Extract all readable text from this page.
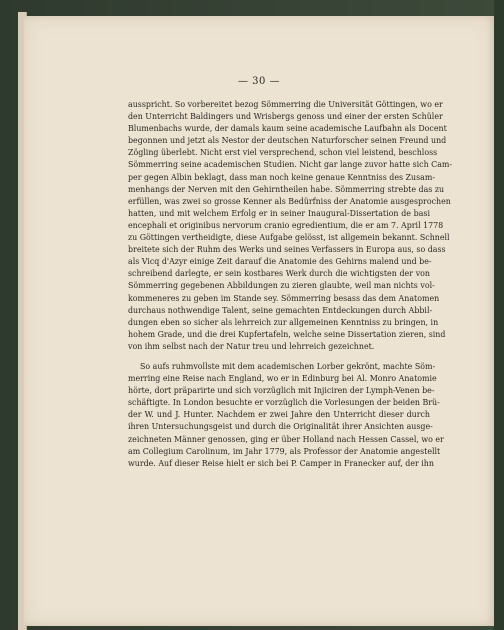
— 30 —
ausspricht. So vorbereitet bezog Sömmerring die Universität Göttingen, wo er
den Unterricht Baldingers und Wrisbergs genoss und einer der ersten Schüler
Blumenbachs wurde, der damals kaum seine academische Laufbahn als Docent
begonnen und jetzt als Nestor der deutschen Naturforscher seinen Freund und
Zögling überlebt. Nicht erst viel versprechend, schon viel leistend, beschloss
Sömmerring seine academischen Studien. Nicht gar lange zuvor hatte sich Cam-
per gegen Albin beklagt, dass man noch keine genaue Kenntniss des Zusam-
menhangs der Nerven mit den Gehirntheilen habe. Sömmerring strebte das zu
erfüllen, was zwei so grosse Kenner als Bedürfniss der Anatomie ausgesprochen
hatten, und mit welchem Erfolg er in seiner Inaugural-Dissertation de basi
encephali et originibus nervorum cranio egredientium, die er am 7. April 1778
zu Göttingen vertheidigte, diese Aufgabe gelösst, ist allgemein bekannt. Schnell
breitete sich der Ruhm des Werks und seines Verfassers in Europa aus, so dass
als Vicq d'Azyr einige Zeit darauf die Anatomie des Gehirns malend und be-
schreibend darlegte, er sein kostbares Werk durch die wichtigsten der von
Sömmerring gegebenen Abbildungen zu zieren glaubte, weil man nichts vol-
kommeneres zu geben im Stande sey. Sömmerring besass das dem Anatomen
durchaus nothwendige Talent, seine gemachten Entdeckungen durch Abbil-
dungen eben so sicher als lehrreich zur allgemeinen Kenntniss zu bringen, in
hohem Grade, und die drei Kupfertafeln, welche seine Dissertation zieren, sind
von ihm selbst nach der Natur treu und lehrreich gezeichnet.
So aufs ruhmvollste mit dem academischen Lorber gekrönt, machte Söm-
merring eine Reise nach England, wo er in Edinburg bei Al. Monro Anatomie
hörte, dort präparirte und sich vorzüglich mit Injiciren der Lymph-Venen be-
schäftigte. In London besuchte er vorzüglich die Vorlesungen der beiden Brü-
der W. und J. Hunter. Nachdem er zwei Jahre den Unterricht dieser durch
ihren Untersuchungsgeist und durch die Originalität ihrer Ansichten ausge-
zeichneten Männer genossen, ging er über Holland nach Hessen Cassel, wo er
am Collegium Carolinum, im Jahr 1779, als Professor der Anatomie angestellt
wurde. Auf dieser Reise hielt er sich bei P. Camper in Franecker auf, der ihn
